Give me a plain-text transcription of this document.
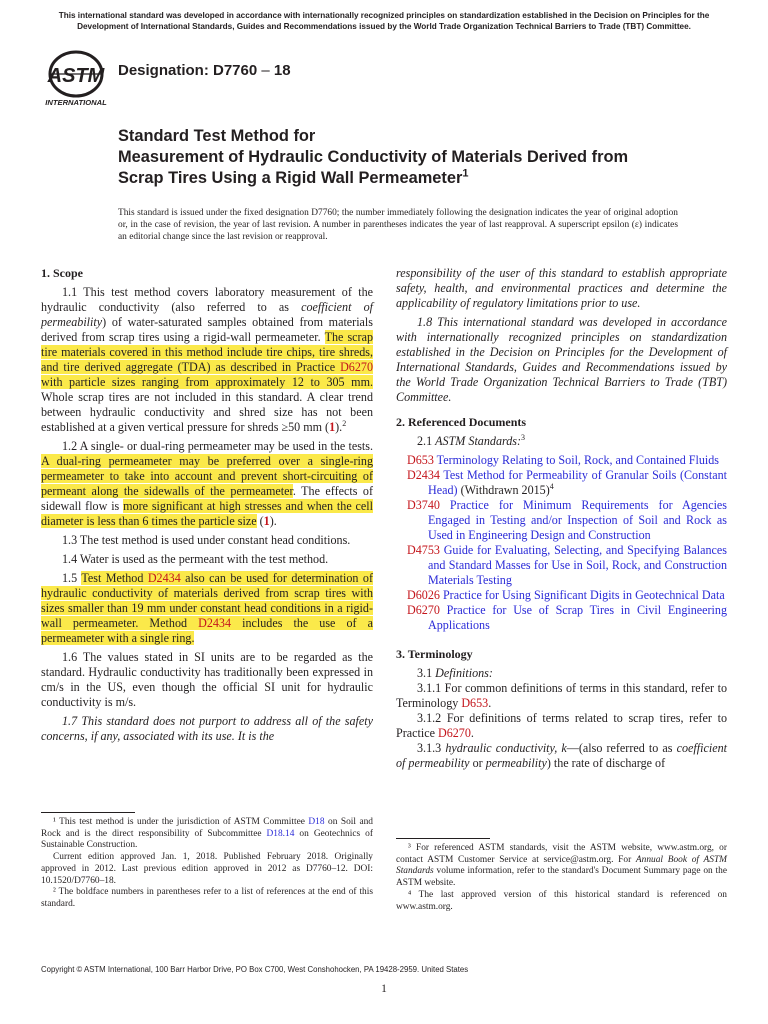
This international standard was developed in accordance with internationally recognized principles on standardization established in the Decision on Principles for the Development of International Standards, Guides and Recommendations issued by the World Trade Organization Technical Barriers to Trade (TBT) Committee.
ASTM
INTERNATIONAL
Designation: D7760 – 18
Standard Test Method for
Measurement of Hydraulic Conductivity of Materials Derived from Scrap Tires Using a Rigid Wall Permeameter$^1$
This standard is issued under the fixed designation D7760; the number immediately following the designation indicates the year of original adoption or, in the case of revision, the year of last revision. A number in parentheses indicates the year of last reapproval. A superscript epsilon (ε) indicates an editorial change since the last revision or reapproval.

1. Scope

1.1 This test method covers laboratory measurement of the hydraulic conductivity (also referred to as coefficient of permeability) of water-saturated samples obtained from materials derived from scrap tires using a rigid-wall permeameter. The scrap tire materials covered in this method include tire chips, tire shreds, and tire derived aggregate (TDA) as described in Practice D6270 with particle sizes ranging from approximately 12 to 305 mm. Whole scrap tires are not included in this standard. A clear trend between hydraulic conductivity and shred size has not been established at a given vertical pressure for shreds ≥50 mm (1).$^2$

1.2 A single- or dual-ring permeameter may be used in the tests. A dual-ring permeameter may be preferred over a single-ring permeameter to take into account and prevent short-circuiting of permeant along the sidewalls of the permeameter. The effects of sidewall flow is more significant at high stresses and when the cell diameter is less than 6 times the particle size (1).

1.3 The test method is used under constant head conditions.

1.4 Water is used as the permeant with the test method.

1.5 Test Method D2434 also can be used for determination of hydraulic conductivity of materials derived from scrap tires with sizes smaller than 19 mm under constant head conditions in a rigid-wall permeameter. Method D2434 includes the use of a permeameter with a single ring.

1.6 The values stated in SI units are to be regarded as the standard. Hydraulic conductivity has traditionally been expressed in cm/s in the US, even though the official SI unit for hydraulic conductivity is m/s.

1.7 This standard does not purport to address all of the safety concerns, if any, associated with its use. It is the

¹ This test method is under the jurisdiction of ASTM Committee D18 on Soil and Rock and is the direct responsibility of Subcommittee D18.14 on Geotechnics of Sustainable Construction.

Current edition approved Jan. 1, 2018. Published February 2018. Originally approved in 2012. Last previous edition approved in 2012 as D7760–12. DOI: 10.1520/D7760–18.

² The boldface numbers in parentheses refer to a list of references at the end of this standard.

responsibility of the user of this standard to establish appropriate safety, health, and environmental practices and determine the applicability of regulatory limitations prior to use.

1.8 This international standard was developed in accordance with internationally recognized principles on standardization established in the Decision on Principles for the Development of International Standards, Guides and Recommendations issued by the World Trade Organization Technical Barriers to Trade (TBT) Committee.

2. Referenced Documents

2.1 ASTM Standards:$^3$

D653 Terminology Relating to Soil, Rock, and Contained Fluids

D2434 Test Method for Permeability of Granular Soils (Constant Head) (Withdrawn 2015)$^4$

D3740 Practice for Minimum Requirements for Agencies Engaged in Testing and/or Inspection of Soil and Rock as Used in Engineering Design and Construction

D4753 Guide for Evaluating, Selecting, and Specifying Balances and Standard Masses for Use in Soil, Rock, and Construction Materials Testing

D6026 Practice for Using Significant Digits in Geotechnical Data

D6270 Practice for Use of Scrap Tires in Civil Engineering Applications

3. Terminology

3.1 Definitions:

3.1.1 For common definitions of terms in this standard, refer to Terminology D653.

3.1.2 For definitions of terms related to scrap tires, refer to Practice D6270.

3.1.3 hydraulic conductivity, k—(also referred to as coefficient of permeability or permeability) the rate of discharge of

³ For referenced ASTM standards, visit the ASTM website, www.astm.org, or contact ASTM Customer Service at service@astm.org. For Annual Book of ASTM Standards volume information, refer to the standard's Document Summary page on the ASTM website.

⁴ The last approved version of this historical standard is referenced on www.astm.org.

Copyright © ASTM International, 100 Barr Harbor Drive, PO Box C700, West Conshohocken, PA 19428-2959. United States
1
